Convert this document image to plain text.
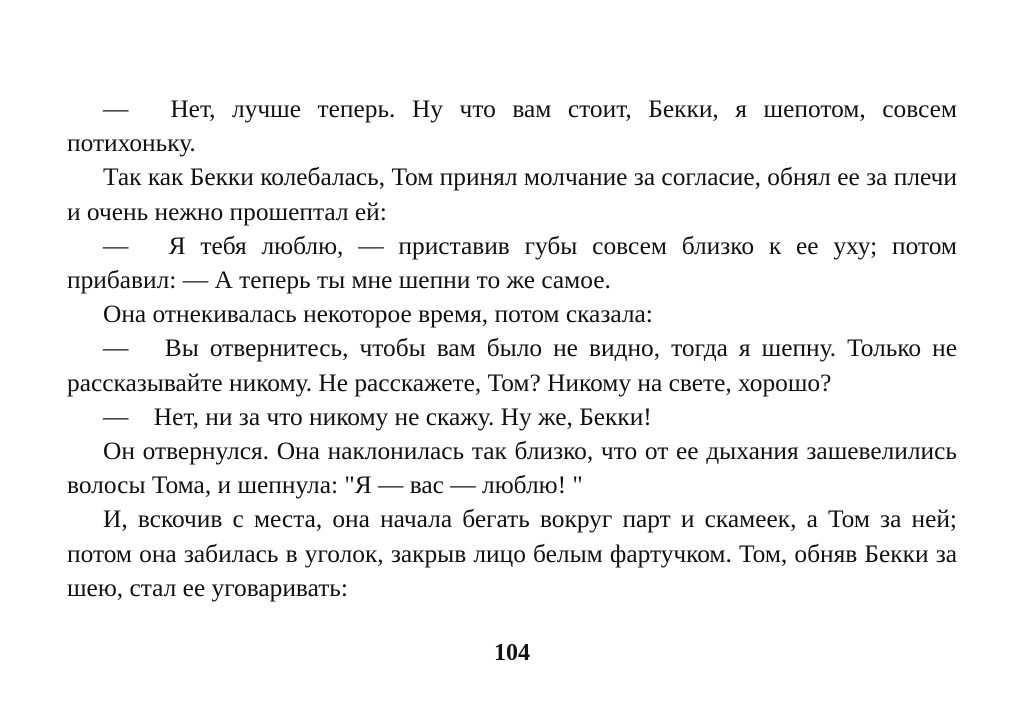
—  Нет, лучше теперь. Ну что вам стоит, Бекки, я шепотом, совсем потихоньку.

Так как Бекки колебалась, Том принял молчание за согласие, обнял ее за плечи и очень нежно прошептал ей:

—  Я тебя люблю, — приставив губы совсем близко к ее уху; потом прибавил: — А теперь ты мне шепни то же самое.

Она отнекивалась некоторое время, потом сказала:

—  Вы отвернитесь, чтобы вам было не видно, тогда я шепну. Только не рассказывайте никому. Не расскажете, Том? Никому на свете, хорошо?

— Нет, ни за что никому не скажу. Ну же, Бекки!

Он отвернулся. Она наклонилась так близко, что от ее дыхания зашевелились волосы Тома, и шепнула: "Я — вас — люблю! "

И, вскочив с места, она начала бегать вокруг парт и скамеек, а Том за ней; потом она забилась в уголок, закрыв лицо белым фартучком. Том, обняв Бекки за шею, стал ее уговаривать:

104
